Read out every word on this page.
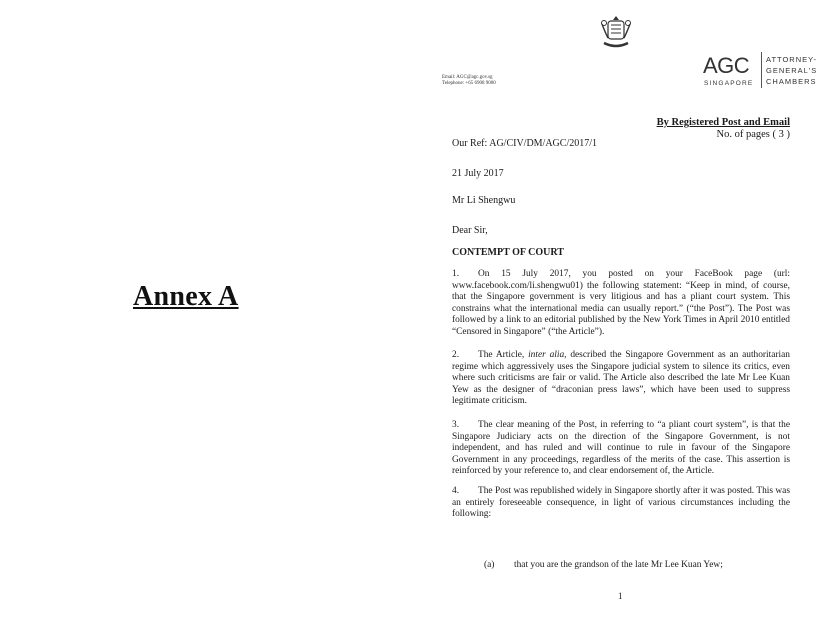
Annex A
Email: AGC@agc.gov.sg
Telephone: +65 6908 9000
AGC
SINGAPORE
ATTORNEY-
GENERAL'S
CHAMBERS
By Registered Post and Email
No. of pages ( 3 )
Our Ref: AG/CIV/DM/AGC/2017/1
21 July 2017
Mr Li Shengwu
Dear Sir,
CONTEMPT OF COURT
1. On 15 July 2017, you posted on your FaceBook page (url: www.facebook.com/li.shengwu01) the following statement: “Keep in mind, of course, that the Singapore government is very litigious and has a pliant court system. This constrains what the international media can usually report.” (“the Post”). The Post was followed by a link to an editorial published by the New York Times in April 2010 entitled “Censored in Singapore” (“the Article”).
2. The Article, inter alia, described the Singapore Government as an authoritarian regime which aggressively uses the Singapore judicial system to silence its critics, even where such criticisms are fair or valid. The Article also described the late Mr Lee Kuan Yew as the designer of “draconian press laws”, which have been used to suppress legitimate criticism.
3. The clear meaning of the Post, in referring to “a pliant court system”, is that the Singapore Judiciary acts on the direction of the Singapore Government, is not independent, and has ruled and will continue to rule in favour of the Singapore Government in any proceedings, regardless of the merits of the case. This assertion is reinforced by your reference to, and clear endorsement of, the Article.
4. The Post was republished widely in Singapore shortly after it was posted. This was an entirely foreseeable consequence, in light of various circumstances including the following:
(a) that you are the grandson of the late Mr Lee Kuan Yew;
1
